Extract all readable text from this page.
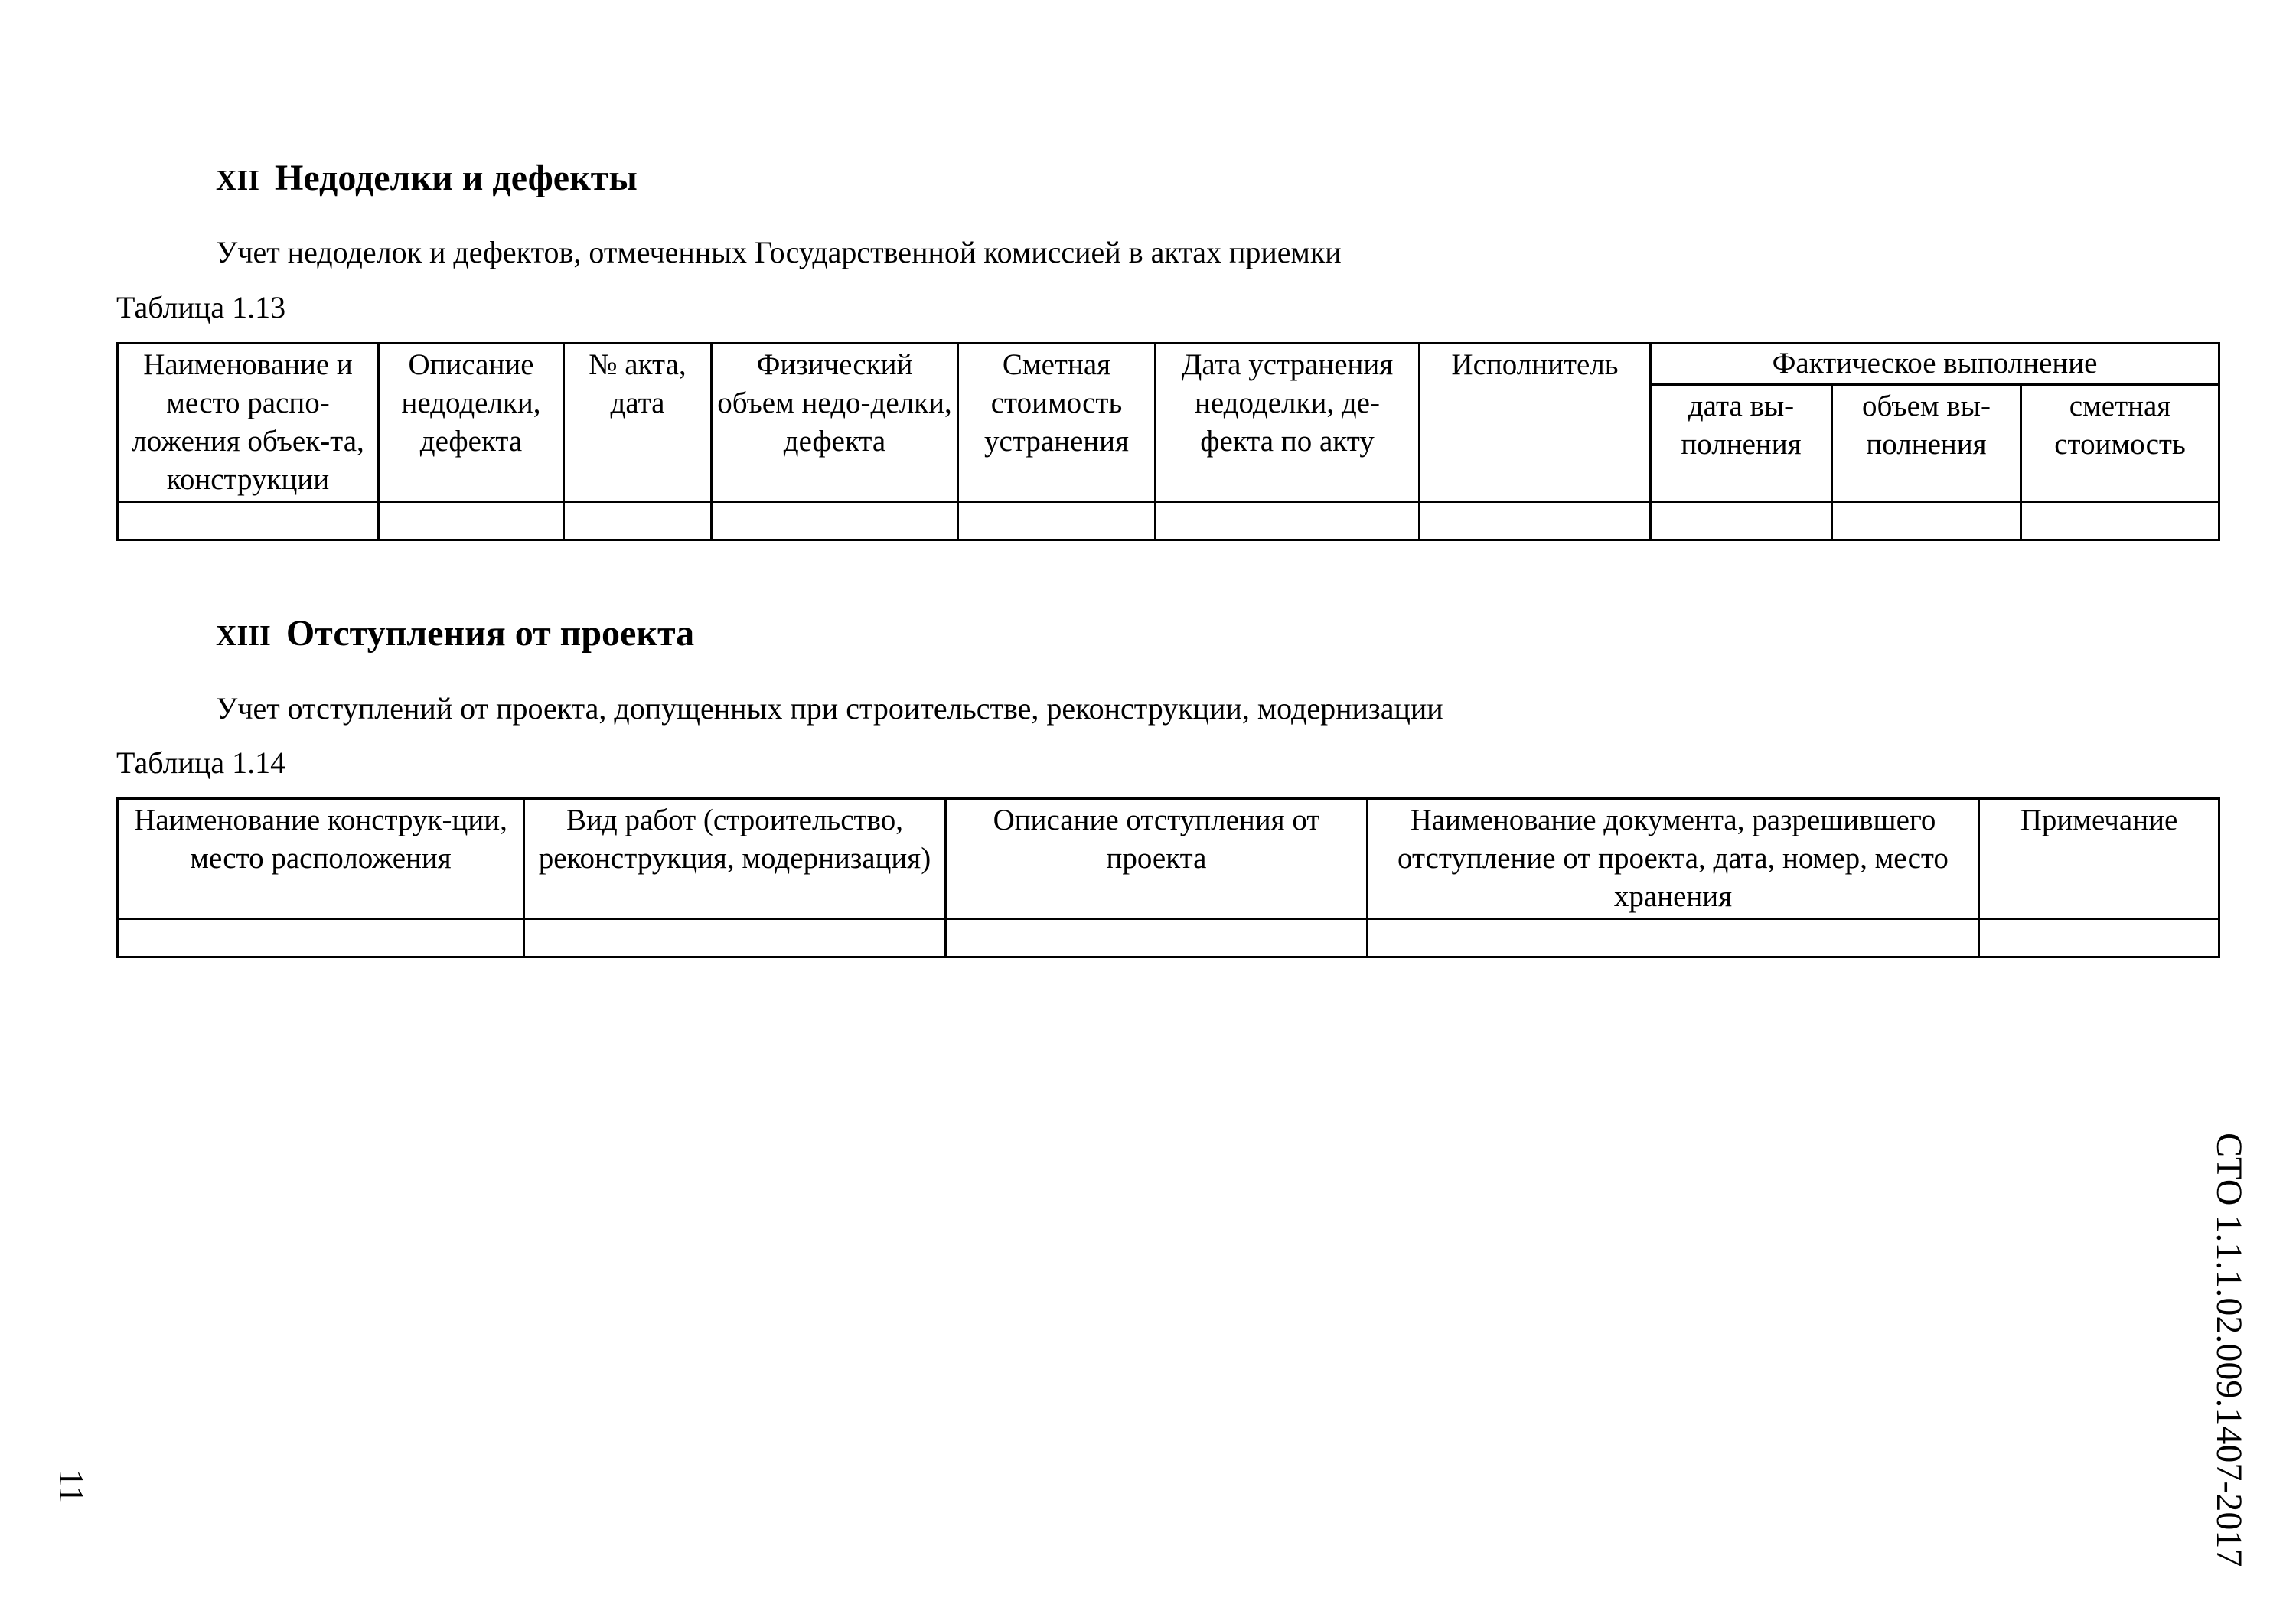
XII Недоделки и дефекты
Учет недоделок и дефектов, отмеченных Государственной комиссией в актах приемки
Таблица 1.13
Наименование и место распо-ложения объек-та, конструкции	Описание недоделки, дефекта	№ акта, дата	Физический объем недо-делки, дефекта	Сметная стоимость устранения	Дата устранения недоделки, де-фекта по акту	Исполнитель	Фактическое выполнение		
							дата вы-полнения	объем вы-полнения	сметная стоимость

XIII Отступления от проекта
Учет отступлений от проекта, допущенных при строительстве, реконструкции, модернизации
Таблица 1.14
Наименование конструк-ции, место расположения	Вид работ (строительство, реконструкция, модернизация)	Описание отступления от проекта	Наименование документа, разрешившего отступление от проекта, дата, номер, место хранения	Примечание

11	СТО 1.1.1.02.009.1407-2017
